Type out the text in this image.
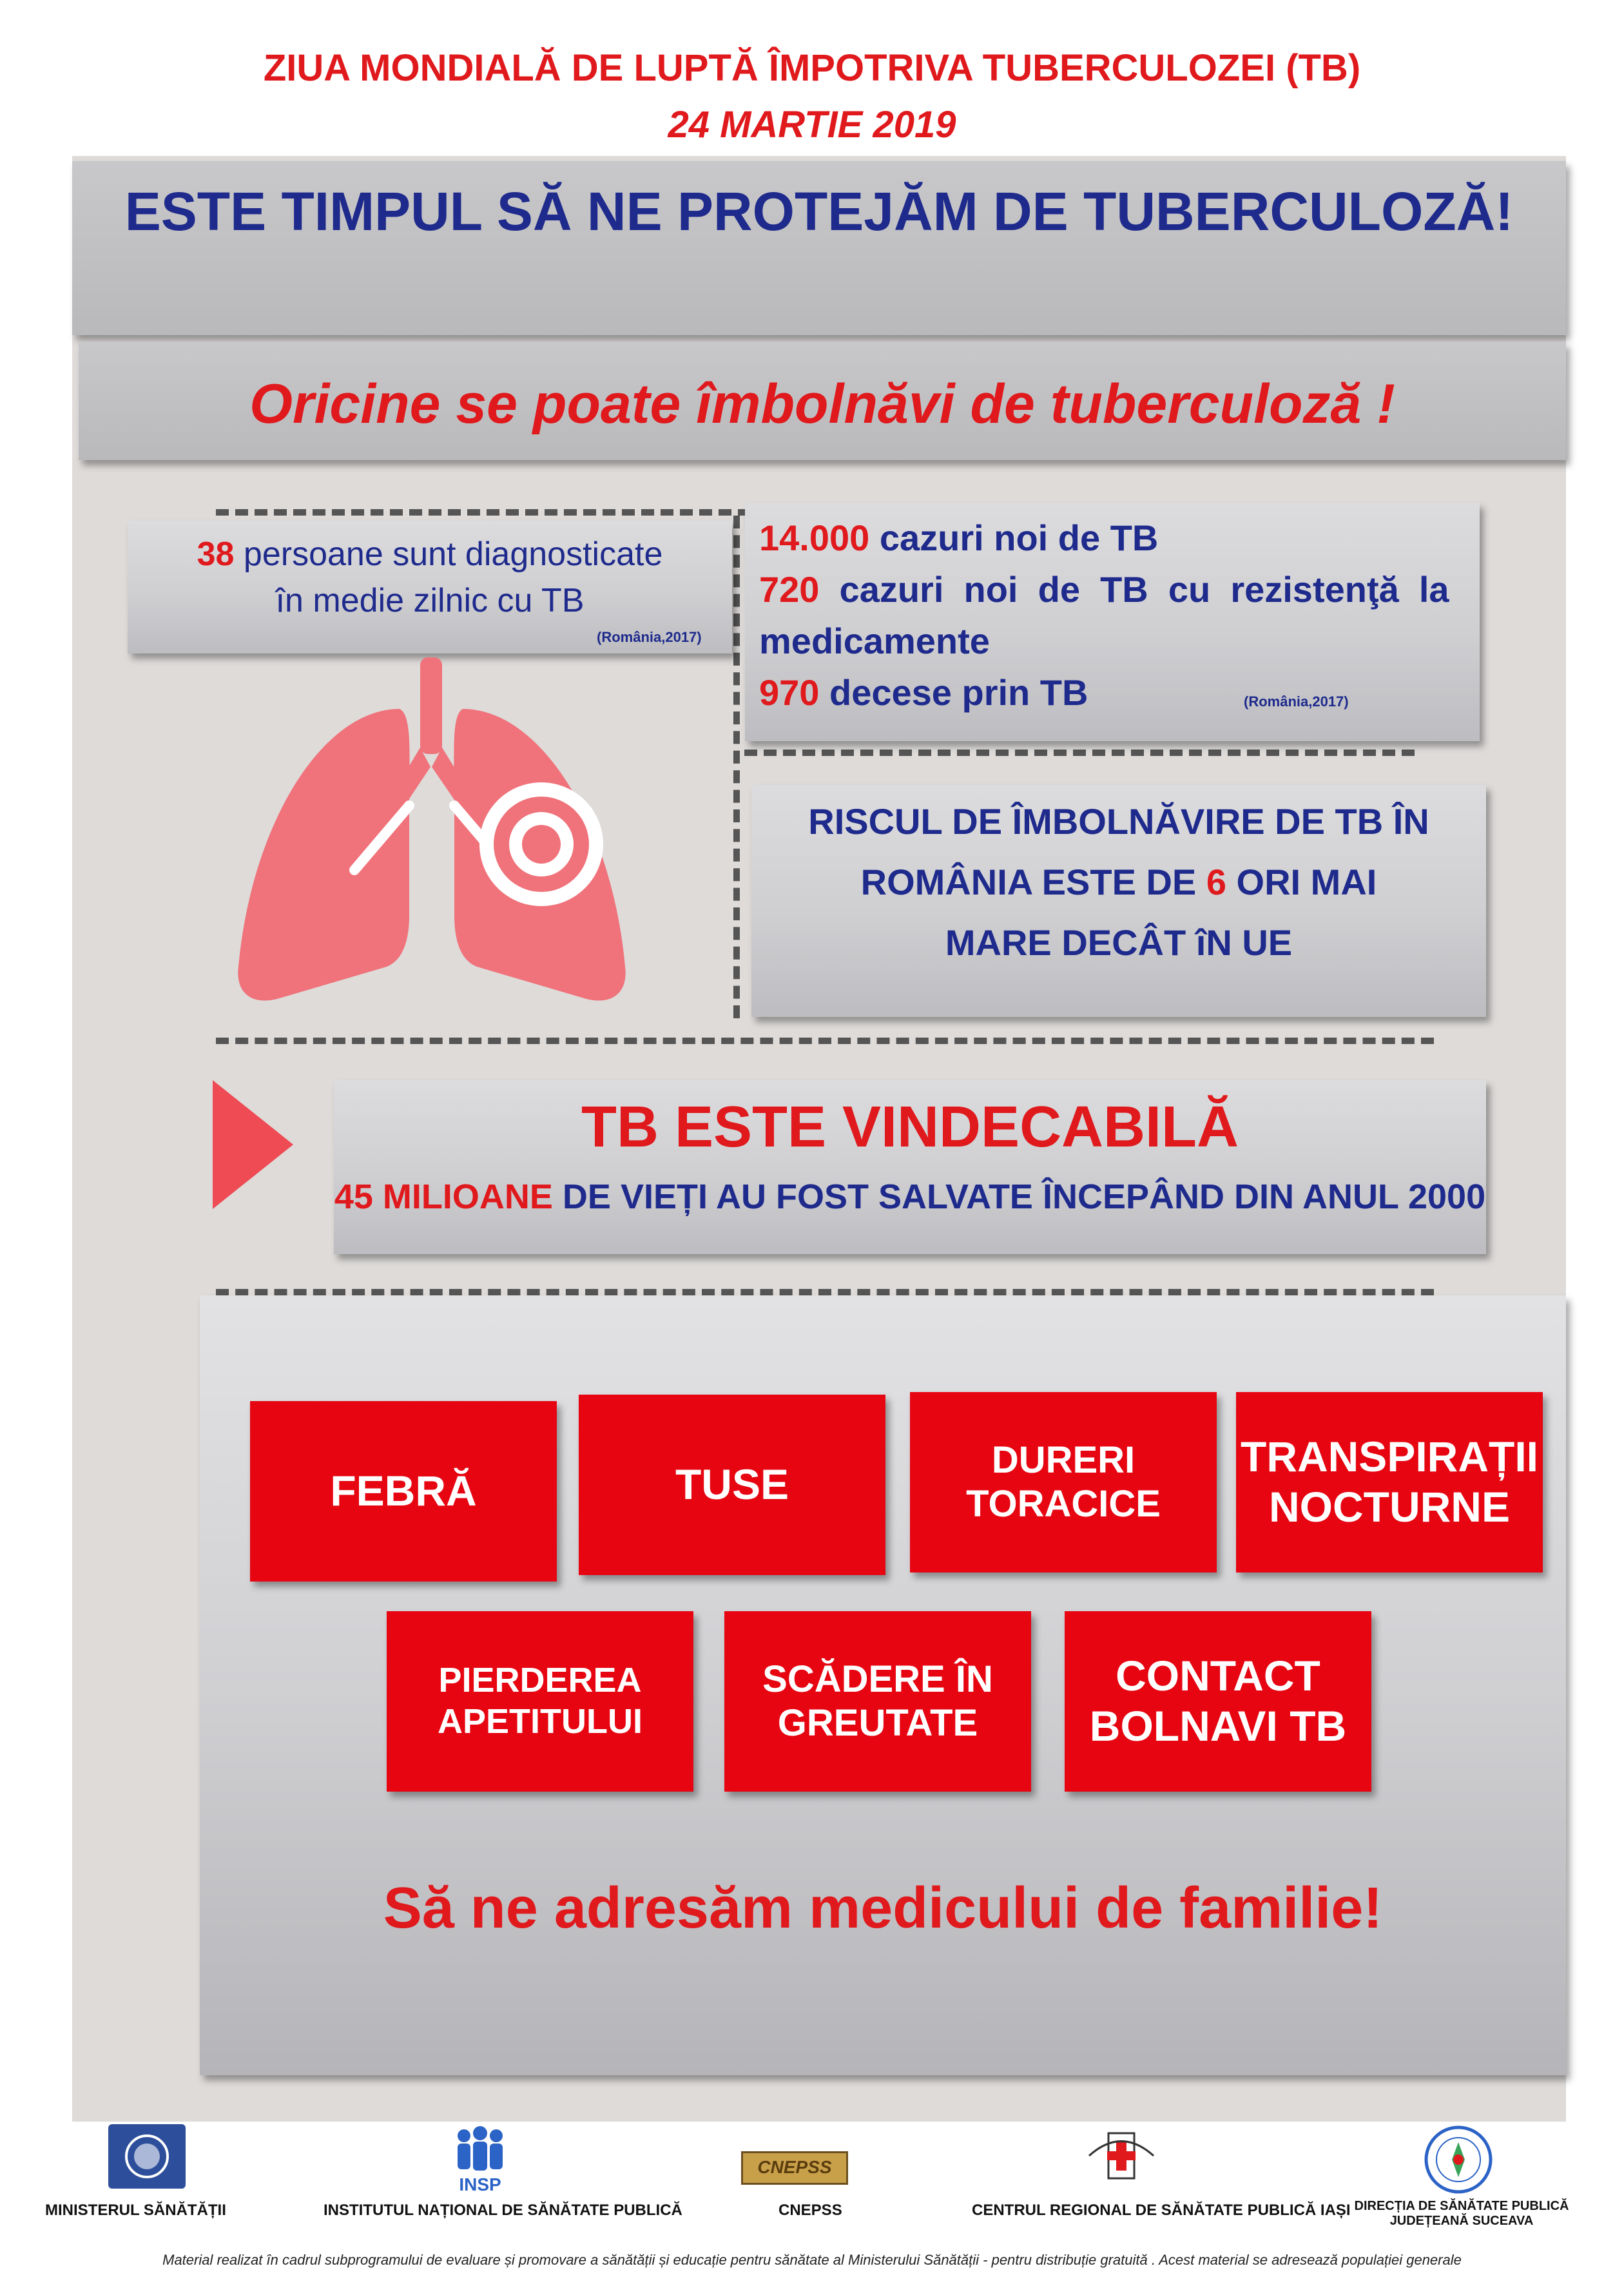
ZIUA MONDIALĂ DE LUPTĂ ÎMPOTRIVA TUBERCULOZEI (TB)
24 MARTIE 2019
ESTE TIMPUL SĂ NE PROTEJĂM DE TUBERCULOZĂ!
Oricine se poate îmbolnăvi de tuberculoză !
38 persoane sunt diagnosticate
în medie zilnic cu TB
(România,2017)
14.000 cazuri noi de TB
720  cazuri  noi  de  TB  cu  rezistenţă  la
medicamente
970 decese prin TB	(România,2017)
RISCUL DE ÎMBOLNĂVIRE DE TB ÎN
ROMÂNIA ESTE DE 6 ORI MAI
MARE DECÂT îN UE
TB ESTE VINDECABILĂ
45 MILIOANE DE VIEȚI AU FOST SALVATE ÎNCEPÂND DIN ANUL 2000
FEBRĂ	TUSE
DURERI
TORACICE
TRANSPIRAȚII
NOCTURNE
PIERDEREA
APETITULUI
SCĂDERE ÎN
GREUTATE
CONTACT
BOLNAVI TB
Să ne adresăm medicului de familie!
INSP
CNEPSS
MINISTERUL SĂNĂTĂȚII	INSTITUTUL NAȚIONAL DE SĂNĂTATE PUBLICĂ	CNEPSS	CENTRUL REGIONAL DE SĂNĂTATE PUBLICĂ IAȘI DIRECȚIA DE SĂNĂTATE PUBLICĂ
JUDEȚEANĂ SUCEAVA
Material realizat în cadrul subprogramului de evaluare și promovare a sănătății și educație pentru sănătate al Ministerului Sănătății - pentru distribuție gratuită . Acest material se adresează populației generale
